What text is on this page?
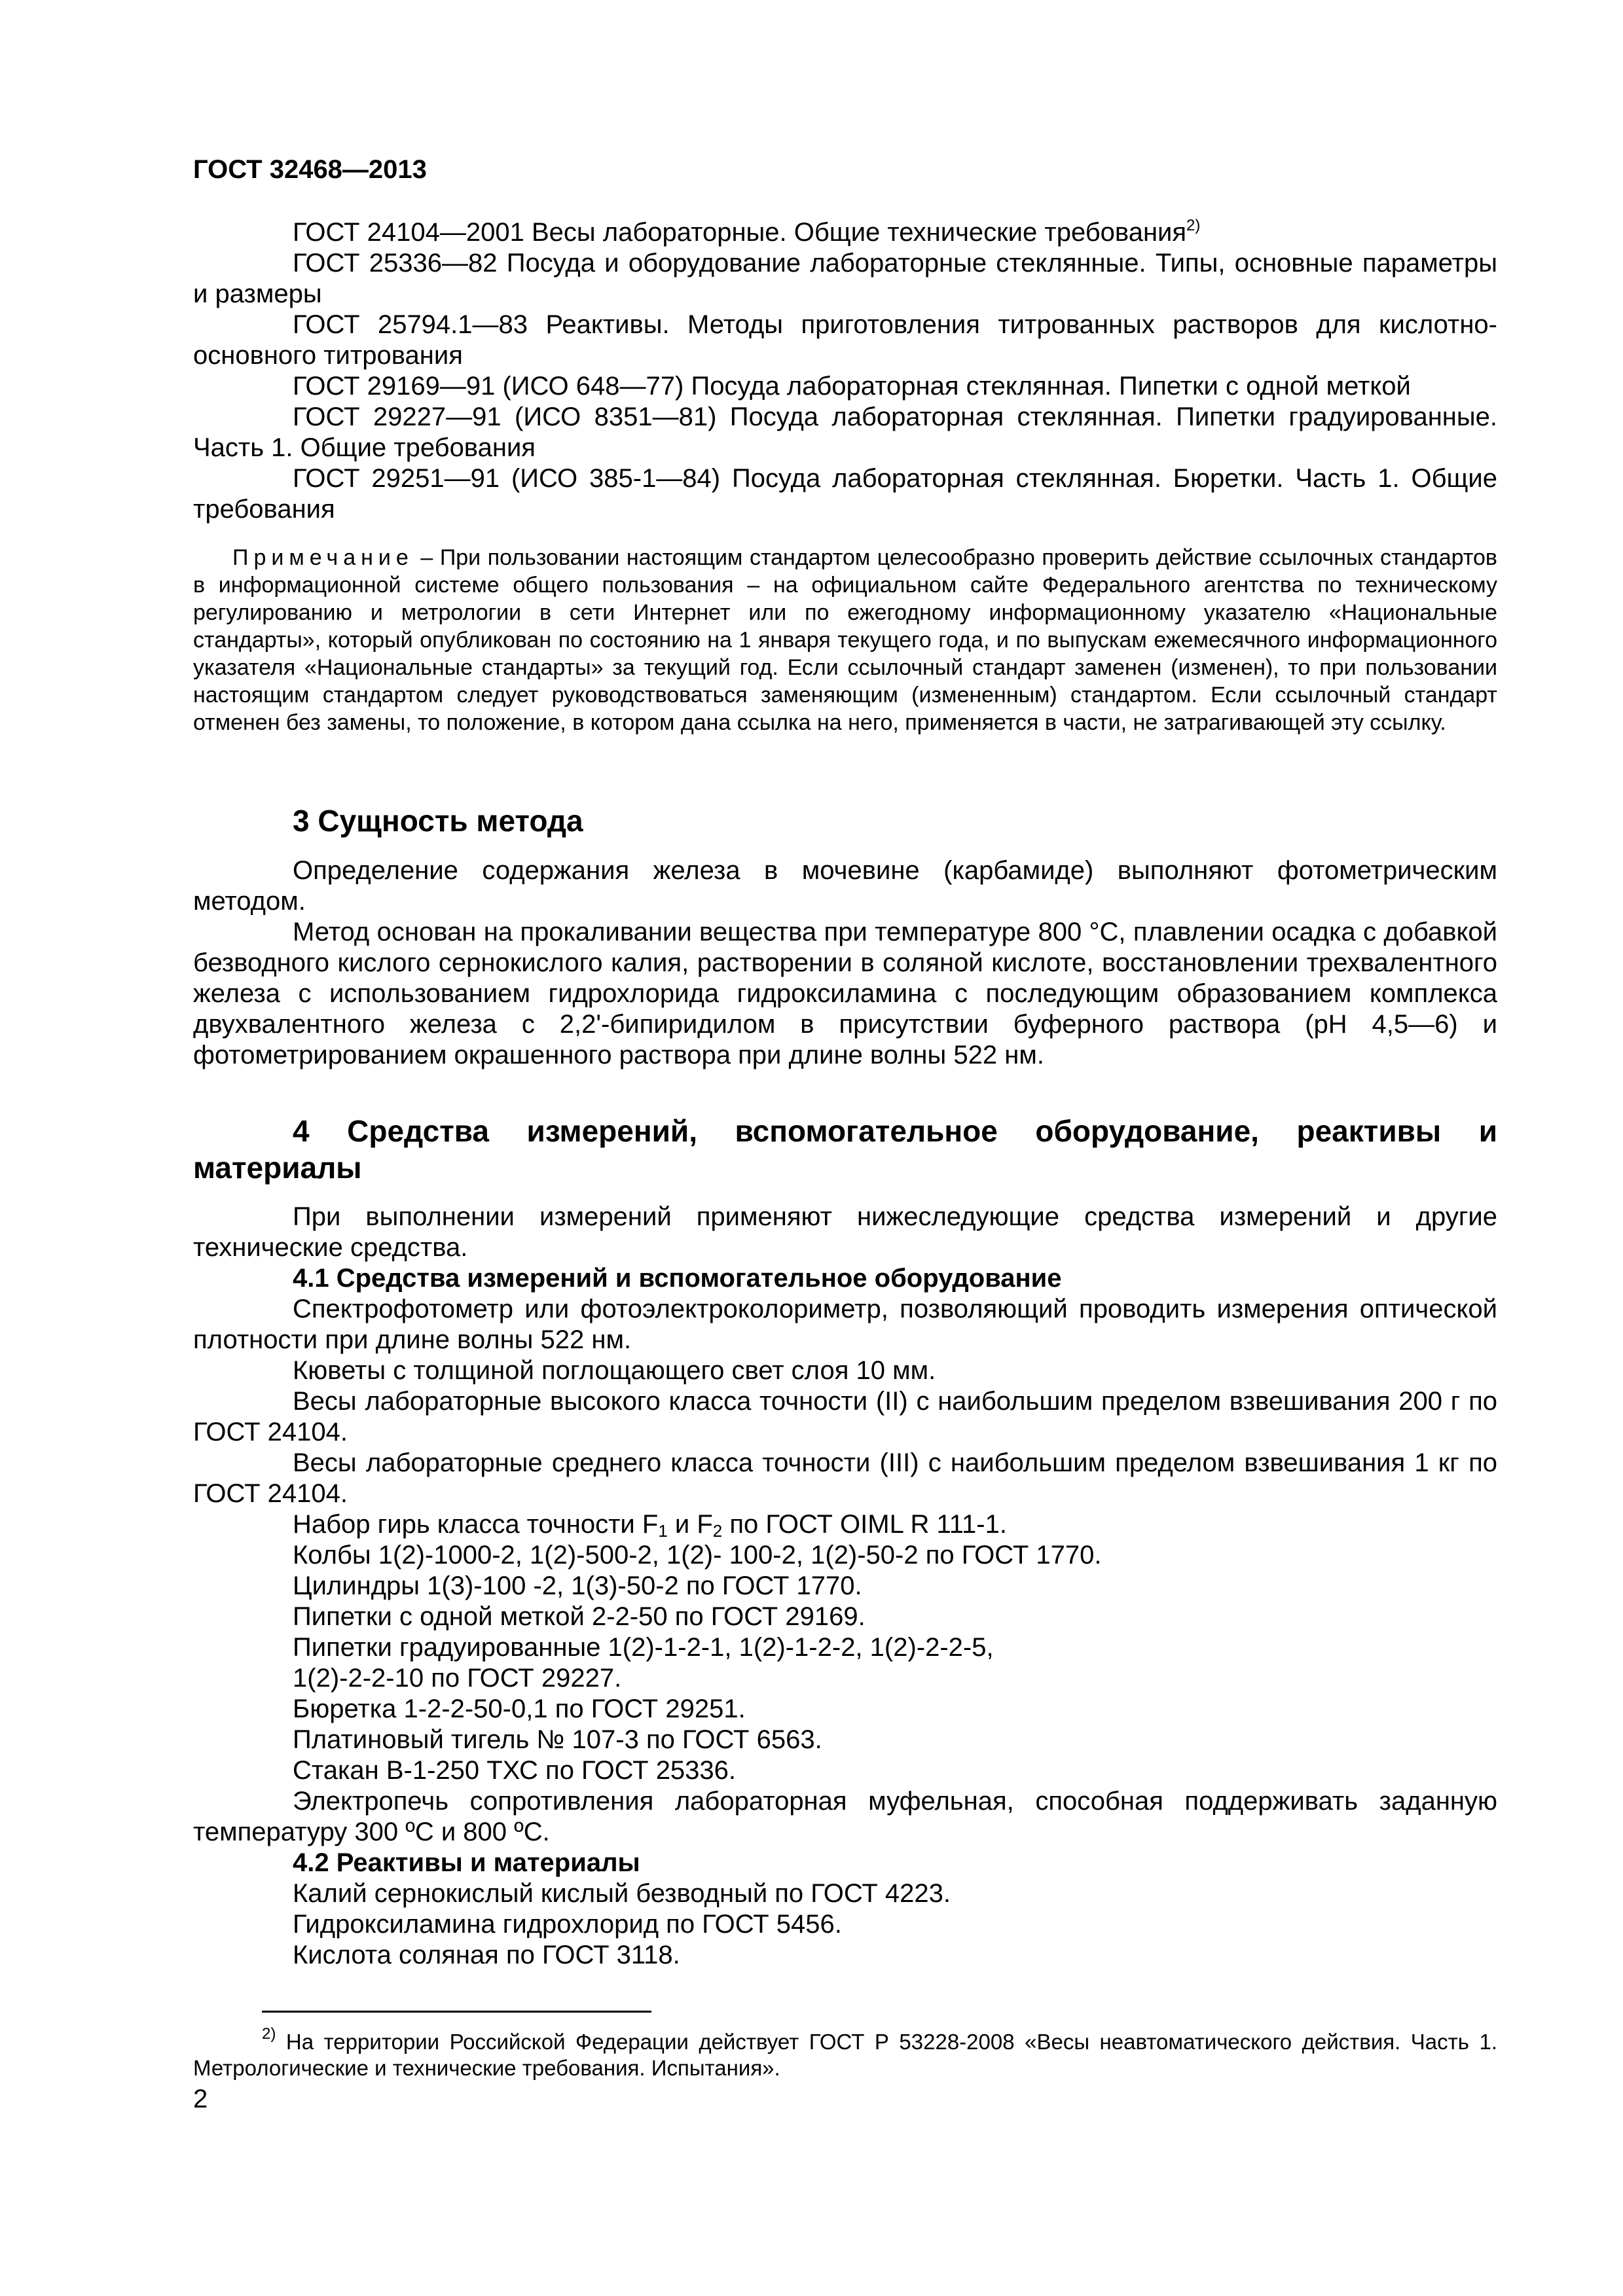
ГОСТ 32468—2013
ГОСТ 24104—2001 Весы лабораторные. Общие технические требования$^{2)}$
ГОСТ 25336—82 Посуда и оборудование лабораторные стеклянные. Типы, основные параметры и размеры
ГОСТ 25794.1—83 Реактивы. Методы приготовления титрованных растворов для кислотно-основного титрования
ГОСТ 29169—91 (ИСО 648—77) Посуда лабораторная стеклянная. Пипетки с одной меткой
ГОСТ 29227—91 (ИСО 8351—81) Посуда лабораторная стеклянная. Пипетки градуированные. Часть 1. Общие требования
ГОСТ 29251—91 (ИСО 385-1—84) Посуда лабораторная стеклянная. Бюретки. Часть 1. Общие требования
Примечание – При пользовании настоящим стандартом целесообразно проверить действие ссылочных стандартов в информационной системе общего пользования – на официальном сайте Федерального агентства по техническому регулированию и метрологии в сети Интернет или по ежегодному информационному указателю «Национальные стандарты», который опубликован по состоянию на 1 января текущего года, и по выпускам ежемесячного информационного указателя «Национальные стандарты» за текущий год. Если ссылочный стандарт заменен (изменен), то при пользовании настоящим стандартом следует руководствоваться заменяющим (измененным) стандартом. Если ссылочный стандарт отменен без замены, то положение, в котором дана ссылка на него, применяется в части, не затрагивающей эту ссылку.
3 Сущность метода
Определение содержания железа в мочевине (карбамиде) выполняют фотометрическим методом.
Метод основан на прокаливании вещества при температуре 800 °С, плавлении осадка с добавкой безводного кислого сернокислого калия, растворении в соляной кислоте, восстановлении трехвалентного железа с использованием гидрохлорида гидроксиламина с последующим образованием комплекса двухвалентного железа с 2,2'-бипиридилом в присутствии буферного раствора (рН 4,5—6) и фотометрированием окрашенного раствора при длине волны 522 нм.
4 Средства измерений, вспомогательное оборудование, реактивы и материалы
При выполнении измерений применяют нижеследующие средства измерений и другие технические средства.
4.1 Средства измерений и вспомогательное оборудование
Спектрофотометр или фотоэлектроколориметр, позволяющий проводить измерения оптической плотности при длине волны 522 нм.
Кюветы с толщиной поглощающего свет слоя 10 мм.
Весы лабораторные высокого класса точности (II) с наибольшим пределом взвешивания 200 г по ГОСТ 24104.
Весы лабораторные среднего класса точности (III) с наибольшим пределом взвешивания 1 кг по ГОСТ 24104.
Набор гирь класса точности $F_1$ и $F_2$ по ГОСТ OIML R 111-1.
Колбы 1(2)-1000-2, 1(2)-500-2, 1(2)- 100-2, 1(2)-50-2 по ГОСТ 1770.
Цилиндры 1(3)-100 -2, 1(3)-50-2 по ГОСТ 1770.
Пипетки с одной меткой 2-2-50 по ГОСТ 29169.
Пипетки градуированные 1(2)-1-2-1, 1(2)-1-2-2, 1(2)-2-2-5,
1(2)-2-2-10 по ГОСТ 29227.
Бюретка 1-2-2-50-0,1 по ГОСТ 29251.
Платиновый тигель № 107-3 по ГОСТ 6563.
Стакан В-1-250 ТХС по ГОСТ 25336.
Электропечь сопротивления лабораторная муфельная, способная поддерживать заданную температуру 300 ºС и 800 ºС.
4.2 Реактивы и материалы
Калий сернокислый кислый безводный по ГОСТ 4223.
Гидроксиламина гидрохлорид по ГОСТ 5456.
Кислота соляная по ГОСТ 3118.
$^{2)}$ На территории Российской Федерации действует ГОСТ Р 53228-2008 «Весы неавтоматического действия. Часть 1. Метрологические и технические требования. Испытания».
2
